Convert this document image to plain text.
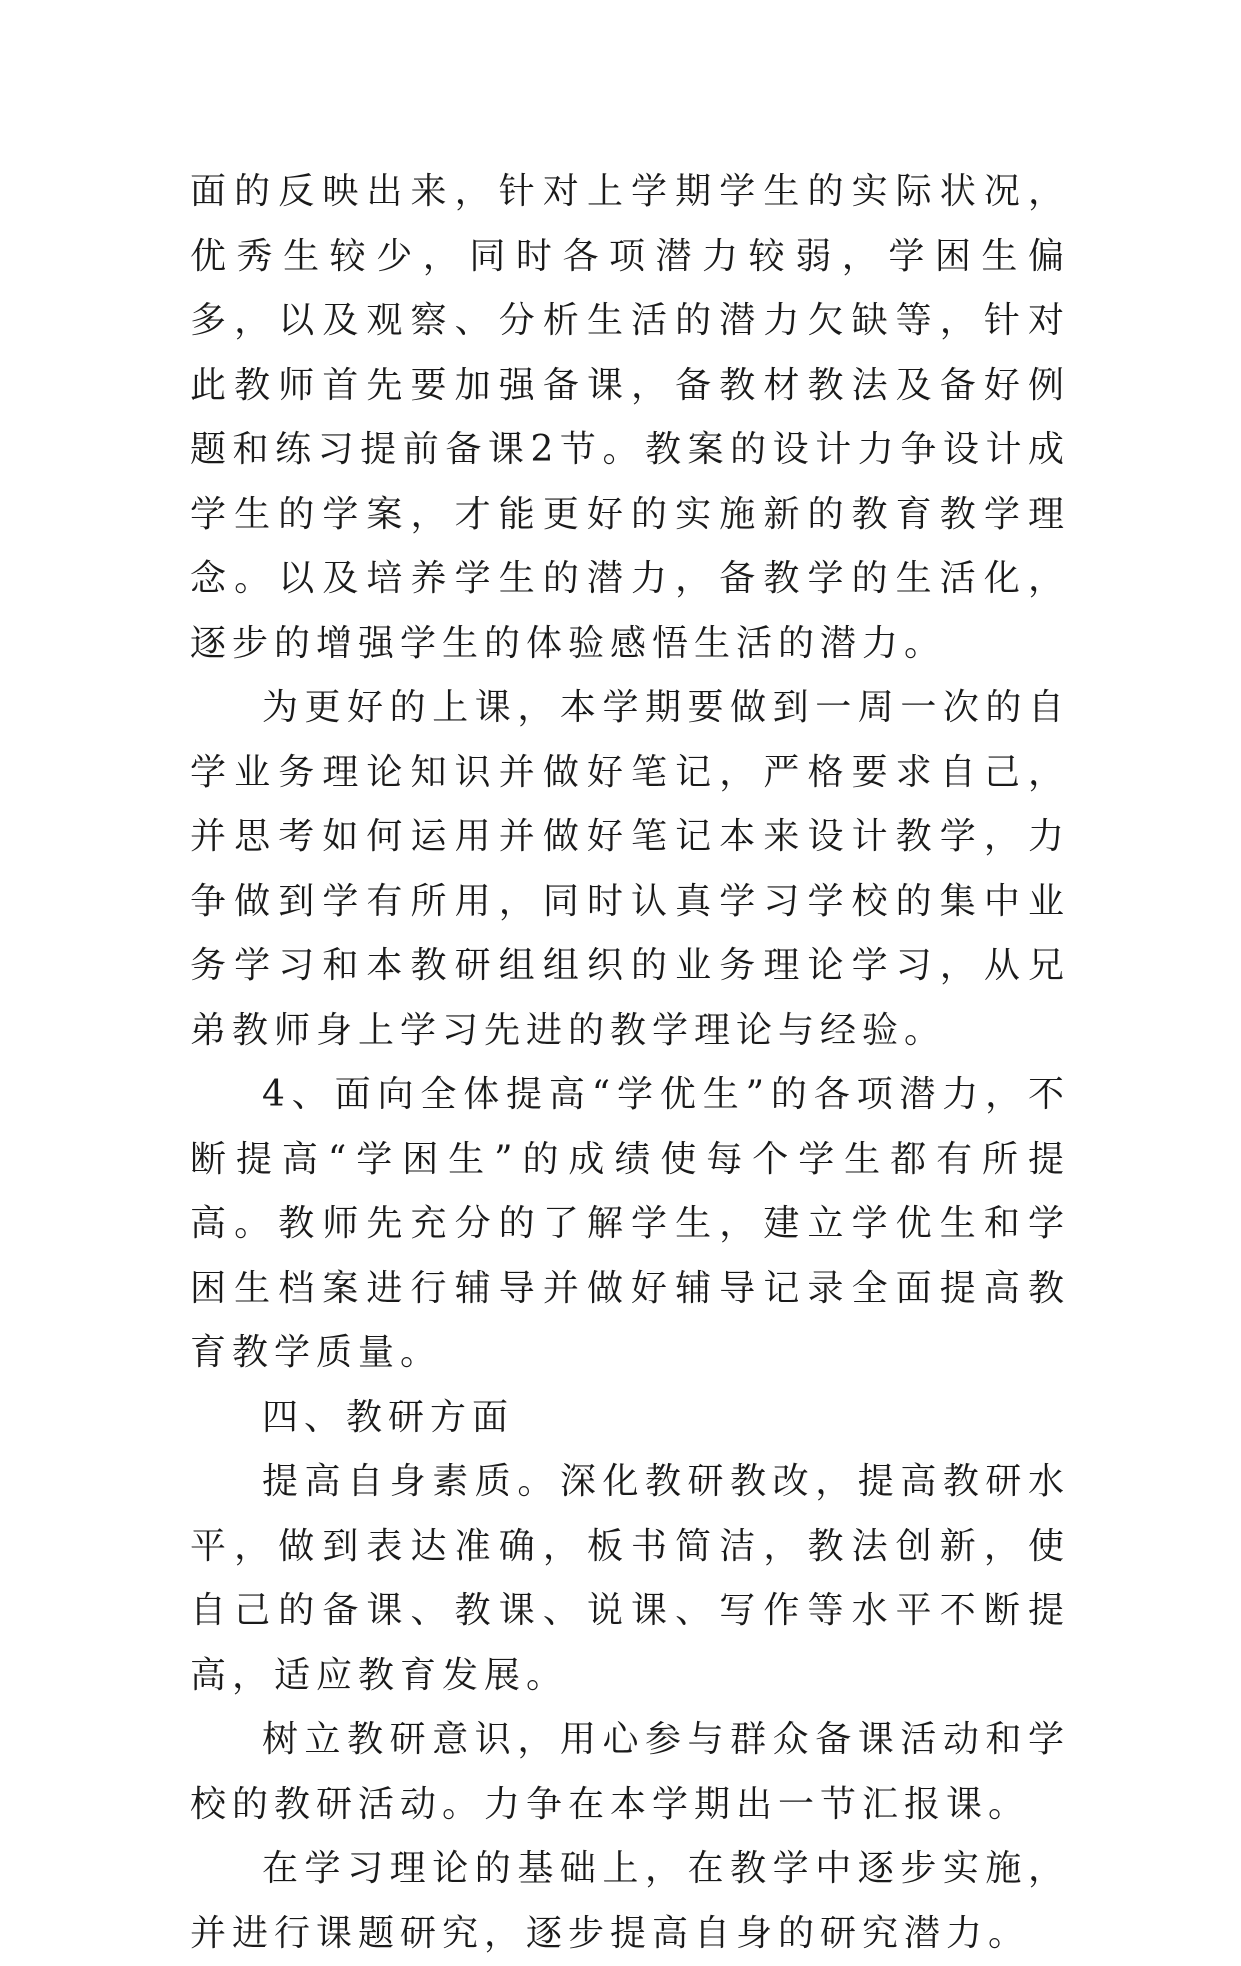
面的反映出来，针对上学期学生的实际状况，优秀生较少，同时各项潜力较弱，学困生偏多，以及观察、分析生活的潜力欠缺等，针对此教师首先要加强备课，备教材教法及备好例题和练习提前备课2节。教案的设计力争设计成学生的学案，才能更好的实施新的教育教学理念。以及培养学生的潜力，备教学的生活化，逐步的增强学生的体验感悟生活的潜力。

为更好的上课，本学期要做到一周一次的自学业务理论知识并做好笔记，严格要求自己，并思考如何运用并做好笔记本来设计教学，力争做到学有所用，同时认真学习学校的集中业务学习和本教研组组织的业务理论学习，从兄弟教师身上学习先进的教学理论与经验。

4、面向全体提高“学优生”的各项潜力，不断提高“学困生”的成绩使每个学生都有所提高。教师先充分的了解学生，建立学优生和学困生档案进行辅导并做好辅导记录全面提高教育教学质量。

四、教研方面

提高自身素质。深化教研教改，提高教研水平，做到表达准确，板书简洁，教法创新，使自己的备课、教课、说课、写作等水平不断提高，适应教育发展。

树立教研意识，用心参与群众备课活动和学校的教研活动。力争在本学期出一节汇报课。

在学习理论的基础上，在教学中逐步实施，并进行课题研究，逐步提高自身的研究潜力。
